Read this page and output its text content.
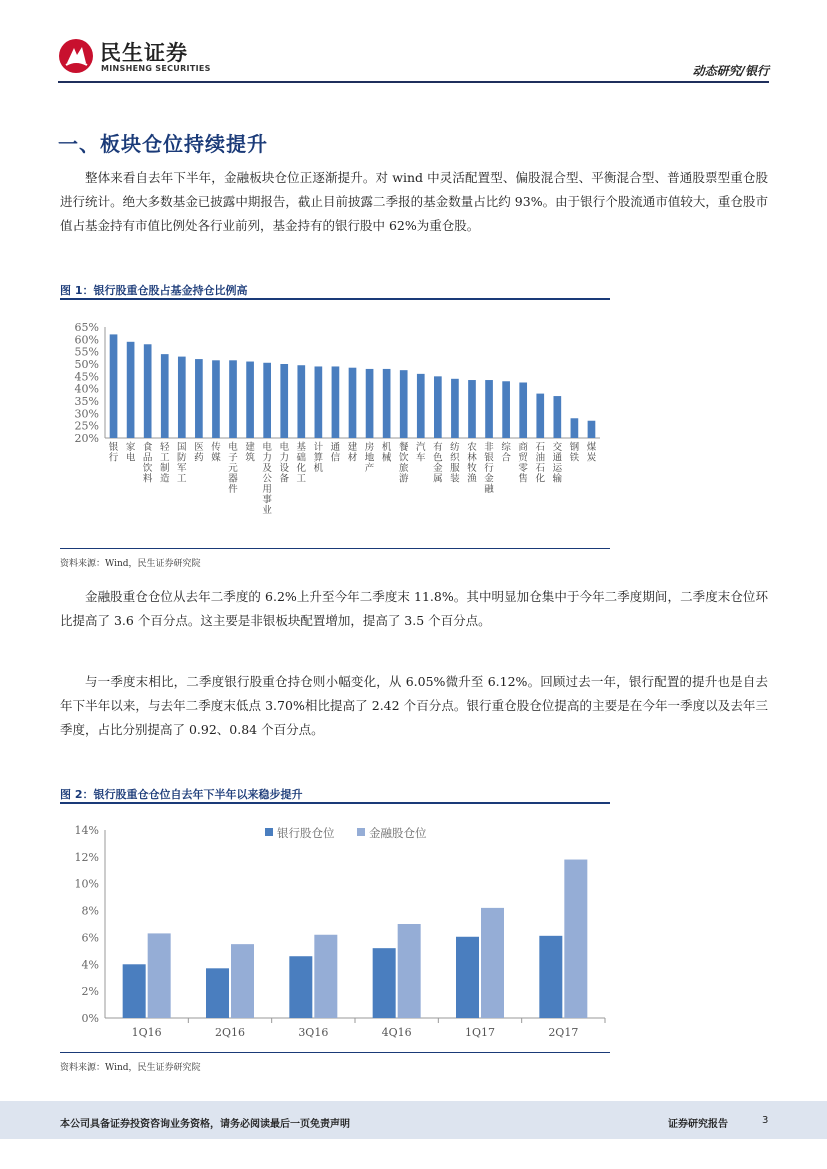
民生证券
MINSHENG SECURITIES	动态研究/银行
一、板块仓位持续提升
整体来看自去年下半年，金融板块仓位正逐渐提升。对 wind 中灵活配置型、偏股混合型、平衡混合型、普通股票型重仓股进行统计。绝大多数基金已披露中期报告，截止目前披露二季报的基金数量占比约 93%。由于银行个股流通市值较大，重仓股市值占基金持有市值比例处各行业前列，基金持有的银行股中 62%为重仓股。
图 1：银行股重仓股占基金持仓比例高
20%
25%
30%
35%
40%
45%
50%
55%
60%
65%
银行
家电
食品饮料
轻工制造
国防军工
医药
传媒
电子元器件
建筑
电力及公用事业
电力设备
基础化工
计算机
通信
建材
房地产
机械
餐饮旅游
汽车
有色金属
纺织服装
农林牧渔
非银行金融
综合
商贸零售
石油石化
交通运输
钢铁
煤炭
资料来源：Wind，民生证券研究院
金融股重仓仓位从去年二季度的 6.2%上升至今年二季度末 11.8%。其中明显加仓集中于今年二季度期间，二季度末仓位环比提高了 3.6 个百分点。这主要是非银板块配置增加，提高了 3.5 个百分点。
与一季度末相比，二季度银行股重仓持仓则小幅变化，从 6.05%微升至 6.12%。回顾过去一年，银行配置的提升也是自去年下半年以来，与去年二季度末低点 3.70%相比提高了 2.42 个百分点。银行重仓股仓位提高的主要是在今年一季度以及去年三季度，占比分别提高了 0.92、0.84 个百分点。
图 2：银行股重仓仓位自去年下半年以来稳步提升
0%
2%
4%
6%
8%
10%
12%
14%
1Q16	2Q16	3Q16	4Q16	1Q17	2Q17
银行股仓位	金融股仓位
资料来源：Wind，民生证券研究院
本公司具备证券投资咨询业务资格，请务必阅读最后一页免责声明	证券研究报告	3
